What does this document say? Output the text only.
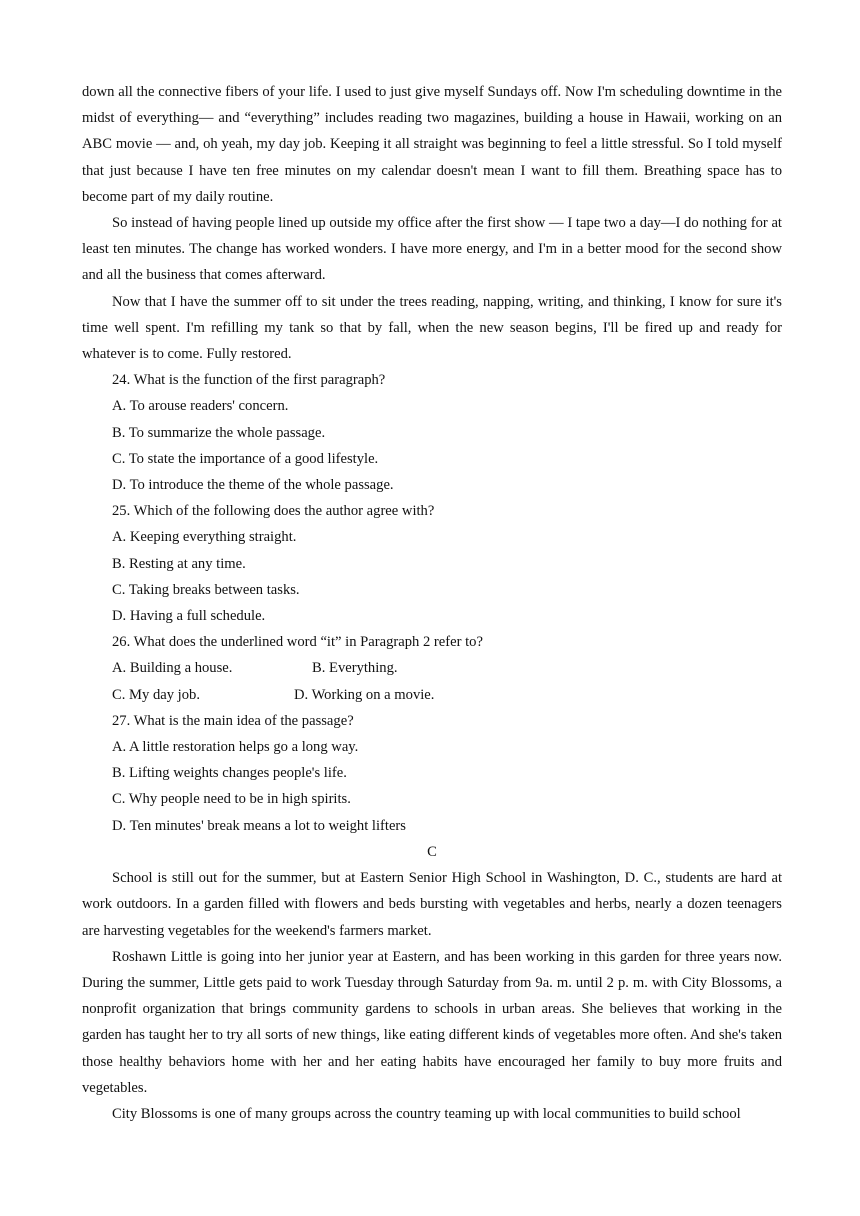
down all the connective fibers of your life. I used to just give myself Sundays off. Now I'm scheduling downtime in the midst of everything— and “everything” includes reading two magazines, building a house in Hawaii, working on an ABC movie — and, oh yeah, my day job. Keeping it all straight was beginning to feel a little stressful. So I told myself that just because I have ten free minutes on my calendar doesn't mean I want to fill them. Breathing space has to become part of my daily routine.

So instead of having people lined up outside my office after the first show — I tape two a day—I do nothing for at least ten minutes. The change has worked wonders. I have more energy, and I'm in a better mood for the second show and all the business that comes afterward.

Now that I have the summer off to sit under the trees reading, napping, writing, and thinking, I know for sure it's time well spent. I'm refilling my tank so that by fall, when the new season begins, I'll be fired up and ready for whatever is to come. Fully restored.

24. What is the function of the first paragraph?

A. To arouse readers' concern.

B. To summarize the whole passage.

C. To state the importance of a good lifestyle.

D. To introduce the theme of the whole passage.

25. Which of the following does the author agree with?

A. Keeping everything straight.

B. Resting at any time.

C. Taking breaks between tasks.

D. Having a full schedule.

26. What does the underlined word “it” in Paragraph 2 refer to?

A. Building a house.	B. Everything.

C. My day job.	D. Working on a movie.

27. What is the main idea of the passage?

A. A little restoration helps go a long way.

B. Lifting weights changes people's life.

C. Why people need to be in high spirits.

D. Ten minutes' break means a lot to weight lifters

C

School is still out for the summer, but at Eastern Senior High School in Washington, D. C., students are hard at work outdoors. In a garden filled with flowers and beds bursting with vegetables and herbs, nearly a dozen teenagers are harvesting vegetables for the weekend's farmers market.

Roshawn Little is going into her junior year at Eastern, and has been working in this garden for three years now. During the summer, Little gets paid to work Tuesday through Saturday from 9a. m. until 2 p. m. with City Blossoms, a nonprofit organization that brings community gardens to schools in urban areas. She believes that working in the garden has taught her to try all sorts of new things, like eating different kinds of vegetables more often. And she's taken those healthy behaviors home with her and her eating habits have encouraged her family to buy more fruits and vegetables.

City Blossoms is one of many groups across the country teaming up with local communities to build school
